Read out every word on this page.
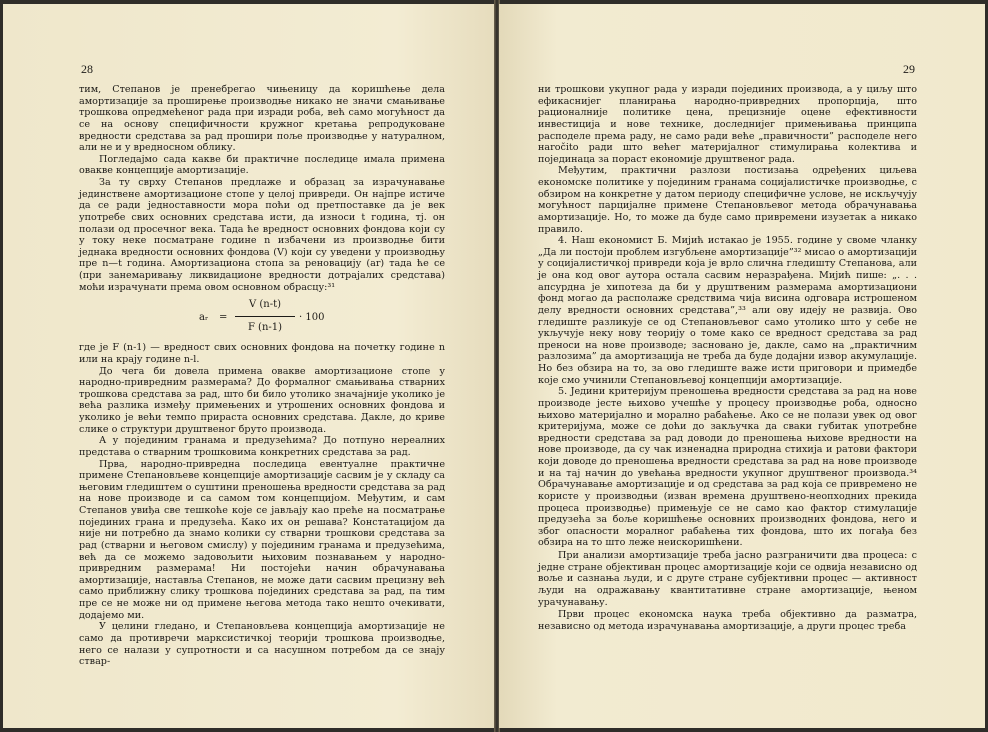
28

тим, Степанов је пренебрегао чињеницу да коришћење дела амортизације за проширење производње никакo не значи смањивање трошкова опредмећеног рада при изради роба, већ само могућност да се на основу специфичности кружног кретања репродуковане вредности средстава за рад прошири поље производње у натуралном, али не и у вредносном облику.

Погледајмо сада какве би практичне последице имала примена овакве концепције амортизације.

За ту сврху Степанов предлаже и образац за израчунавање јединствене амортизационе стопе у целој привреди. Он најпре истиче да се ради једноставности мора поћи од претпоставке да је век употребе свих основних средстава исти, да износи t година, тј. он полази од просечног века. Тада ће вредност основних фондова који су у току неке посматране године n избачени из производње бити једнака вредности основних фондова (V) који су уведени у производњу пре n—t година. Амортизациона стопа за реновацију (ar) тада ће се (при занемаривању ликвидационе вредности дотрајалих средстава) моћи израчунати према овом основном обрасцу:³¹

aᵣ =
V (n-t)
F (n-1)
· 100

где је F (n-1) — вредност свих основних фондова на почетку године n или на крају године n-l.

До чега би довела примена овакве амортизационе стопе у народно-привредним размерама? До формалног смањивања стварних трошкова средстава за рад, што би било утолико значајније уколико је већа разлика између примењених и утрошених основних фондова и уколико је већи темпо прираста основних средстава. Дакле, до криве слике о структури друштвеног бруто производа.

А у појединим гранама и предузећима? До потпуно нереалних представа о стварним трошковима конкретних средстава за рад.

Прва, народно-привредна последица евентуалне практичне примене Степановљеве концепције амортизације сасвим је у складу са његовим гледиштем о суштини преношења вредности средстава за рад на нове производе и са самом том концепцијом. Међутим, и сам Степанов увиђа све тешкоће које се јављају као преће на посматрање појединих грана и предузећа. Како их он решава? Констатацијом да није ни потребно да знамо колики су стварни трошкови средстава за рад (стварни и његовом смислу) у појединим гранама и предузећима, већ да се можемо задовољити њиховим познавањем у народно-привредним размерама! Ни постојећи начин обрачунавања амортизације, наставља Степанов, не може дати сасвим прецизну већ само приближну слику трошкова појединих средстава за рад, па тим пре се не може ни од примене његова метода тако нешто очекивати, додајемо ми.

У целини гледано, и Степановљева концепција амортизације не само да противречи марксистичкој теорији трошкова производње, него се налази у супротности и са насушном потребом да се знају ствар-

29

ни трошкови укупног рада у изради појединих производа, а у циљу што ефикаснијег планирања народно-привредних пропорција, што рационалније политике цена, прецизније оцене ефективности инвестиција и нове технике, доследнијег примењивања принципа расподеле према раду, не само ради веће „правичности” расподеле него наročito ради што већег материјалног стимулирања колектива и појединаца за пораст економије друштвеног рада.

Међутим, практични разлози постизања одређених циљева економске политике у појединим гранама социјалистичке производње, с обзиром на конкретне у датом периоду специфичне услове, не искључују могућност парцијалне примене Степановљевог метода обрачунавања амортизације. Но, то може да буде само привремени изузетак а никако правило.

4. Наш економист Б. Мијић истакао је 1955. године у своме чланку „Да ли постоји проблем изгубљене амортизације”³² мисао о амортизацији у социјалистичкој привреди која је врло слична гледишту Степанова, али је она код овог аутора остала сасвим неразрађена. Мијић пише: „. . . апсурдна је хипотеза да би у друштвеним размерама амортизациони фонд могао да располаже средствима чија висина одговара истрошеном делу вредности основних средстава”,³³ али ову идеју не развија. Ово гледиште разликује се од Степановљевог само утолико што у себе не укључује неку нову теорију о томе како се вредност средстава за рад преноси на нове производе; засновано је, дакле, само на „практичним разлозима” да амортизација не треба да буде додајни извор акумулације. Но без обзира на то, за ово гледиште важе исти приговори и примедбе које смо учинили Степановљевој концепцији амортизације.

5. Једини критеријум преношења вредности средстава за рад на нове производе јесте њихово учешће у процесу производње роба, односно њихово материјално и морално рабаћење. Ако се не полази увек од овог критеријума, може се доћи до закључка да сваки губитак употребне вредности средстава за рад доводи до преношења њихове вредности на нове производе, да су чак изненадна природна стихија и ратови фактори који доводе до преношења вредности средстава за рад на нове производе и на тај начин до увећања вредности укупног друштвеног производа.³⁴ Обрачунавање амортизације и од средстава за рад која се привремено не користе у производњи (изван времена друштвено-неопходних прекида процеса производње) примењује се не само као фактор стимулације предузећа за боље коришћење основних производних фондова, него и због опасности моралног рабаћења тих фондова, што их погађа без обзира на то што леже неискоришћени.

При анализи амортизације треба јасно разграничити два процеса: с једне стране објективан процес амортизације који се одвија независно од воље и сазнања људи, и с друге стране субјективни процес — активност људи на одражавању квантитативне стране амортизације, њеном урачунавању.

Први процес економска наука треба објективно да разматра, независно од метода израчунавања амортизације, а други процес треба
